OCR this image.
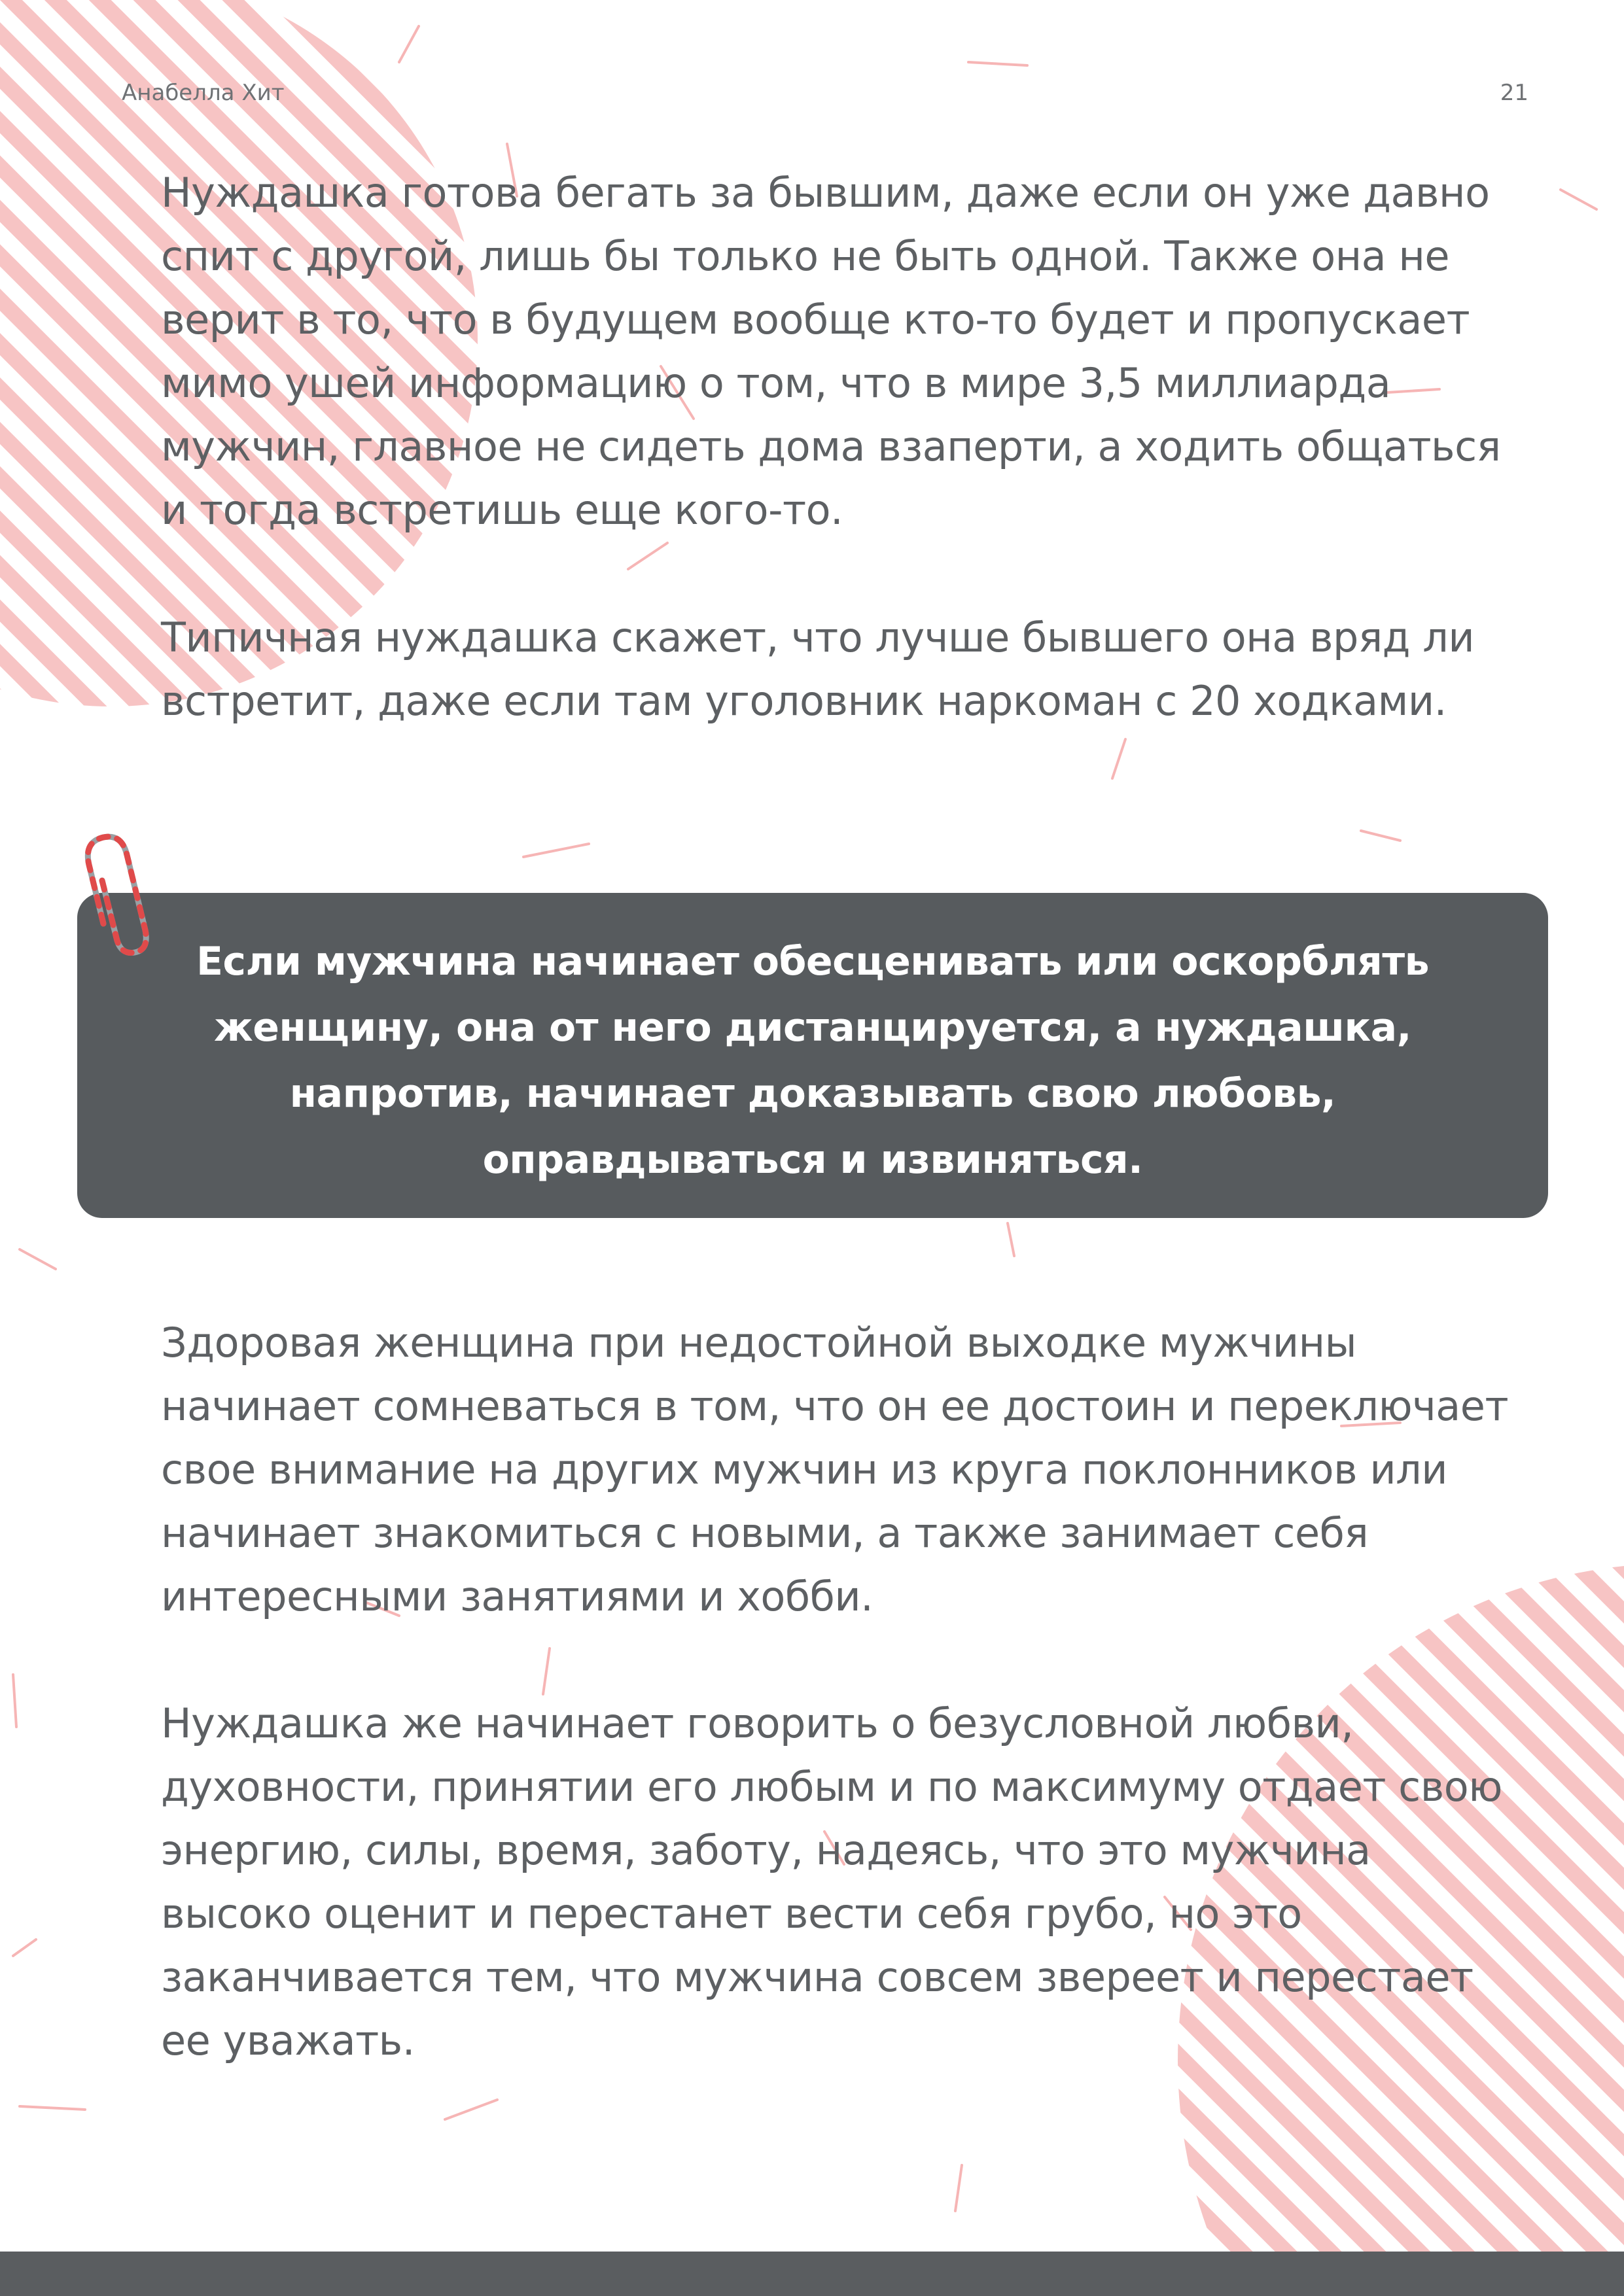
Анабелла Хит	21

Нуждашка готова бегать за бывшим, даже если он уже давно спит с другой, лишь бы только не быть одной. Также она не верит в то, что в будущем вообще кто-то будет и пропускает мимо ушей информацию о том, что в мире 3,5 миллиарда мужчин, главное не сидеть дома взаперти, а ходить общаться и тогда встретишь еще кого-то.

Типичная нуждашка скажет, что лучше бывшего она вряд ли встретит, даже если там уголовник наркоман с 20 ходками.

Если мужчина начинает обесценивать или оскорблять женщину, она от него дистанцируется, а нуждашка, напротив, начинает доказывать свою любовь, оправдываться и извиняться.

Здоровая женщина при недостойной выходке мужчины начинает сомневаться в том, что он ее достоин и переключает свое внимание на других мужчин из круга поклонников или начинает знакомиться с новыми, а также занимает себя интересными занятиями и хобби.

Нуждашка же начинает говорить о безусловной любви, духовности, принятии его любым и по максимуму отдает свою энергию, силы, время, заботу, надеясь, что это мужчина высоко оценит и перестанет вести себя грубо, но это заканчивается тем, что мужчина совсем звереет и перестает ее уважать.
